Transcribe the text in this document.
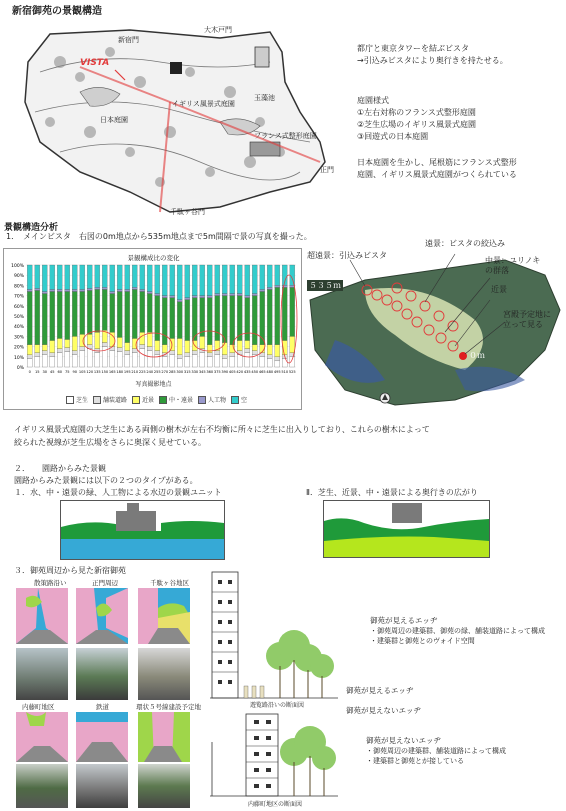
新宿御苑の景観構造
新宿門
大木戸門
VISTA
イギリス風景式庭園
日本庭園
玉藻池
フランス式整形庭園
千駄ヶ谷門
正門
都庁と東京タワーを結ぶビスタ
→引込みビスタにより奥行きを持たせる。
庭園様式
①左右対称のフランス式整形庭園
②芝生広場のイギリス風景式庭園
③回遊式の日本庭園
日本庭園を生かし、尾根筋にフランス式整形
庭園、イギリス風景式庭園がつくられている
景観構造分析
1．　メインビスタ　右図の0m地点から535m地点まで5m間隔で景の写真を撮った。
景観構成比の変化
0%
10%
20%
30%
40%
50%
60%
70%
80%
90%
100%
0 15 30 45 60 75 90 105 120 135 150 165 180 195 210 225 240 255 270 285 300 315 330 345 360 375 390 405 420 435 450 465 480 495 510 525
写真撮影地点
芝生	舗装道路	近景	中・遠景	人工物	空
超遠景：引込みビスタ
遠景：ビスタの絞込み
中景：ユリノキ
の群落
近景
宮殿予定地に
立って見る
５３５ｍ
０ｍ
イギリス風景式庭園の大芝生にある両側の樹木が左右不均衡に所々に芝生に出入りしており、これらの樹木によって
絞られた視線が芝生広場をさらに奥深く見せている。
２．　　園路からみた景観
園路からみた景観には以下の２つのタイプがある。
１．水、中・遠景の緑、人工物による水辺の景観ユニット	Ⅱ．芝生、近景、中・遠景による奥行きの広がり
３．御苑周辺から見た新宿御苑
散策路沿い	正門周辺	千駄ヶ谷地区
内藤町地区	鉄道	環状５号線建設予定地	遊覧路沿いの断面図
内藤町地区の断面図
御苑が見えるエッヂ
・御苑周辺の建築群、御苑の緑、舗装道路によって構成
・建築群と御苑とのヴォイド空間
御苑が見えるエッヂ
御苑が見えないエッヂ
御苑が見えないエッヂ
・御苑周辺の建築群、舗装道路によって構成
・建築群と御苑とが接している
